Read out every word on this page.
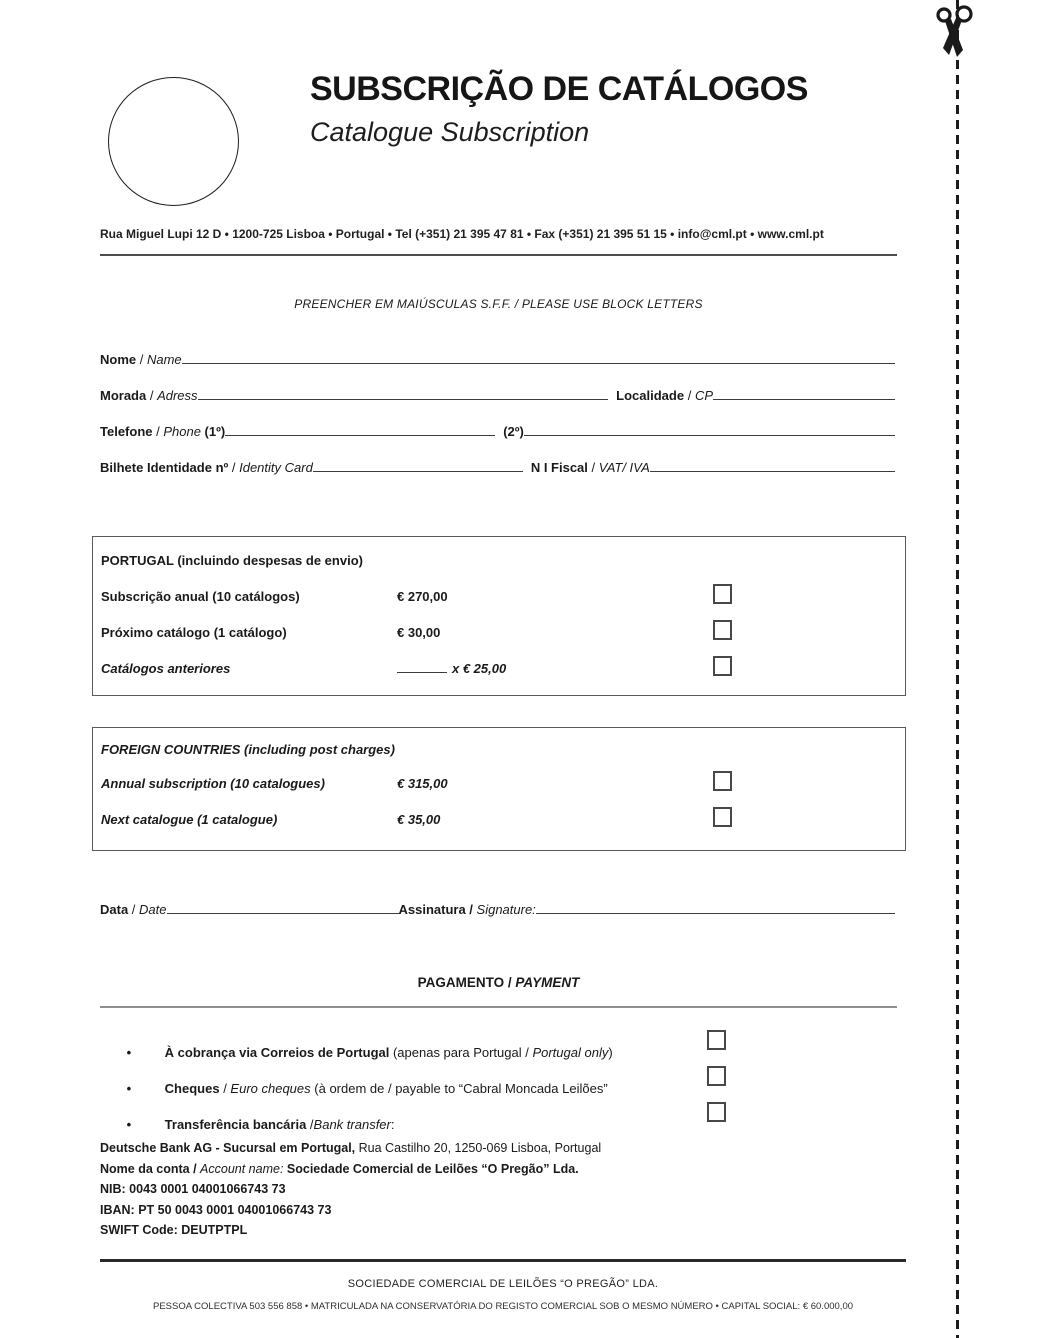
SUBSCRIÇÃO DE CATÁLOGOS
Catalogue Subscription
Rua Miguel Lupi 12 D • 1200-725 Lisboa • Portugal • Tel (+351) 21 395 47 81 • Fax (+351) 21 395 51 15 • info@cml.pt • www.cml.pt
PREENCHER EM MAIÚSCULAS S.F.F. / PLEASE USE BLOCK LETTERS
Nome / Name
Morada / Adress	Localidade / CP
Telefone / Phone (1º)	(2º)
Bilhete Identidade nº / Identity Card	N I Fiscal / VAT/ IVA
PORTUGAL (incluindo despesas de envio)
Subscrição anual (10 catálogos)	€ 270,00
Próximo catálogo (1 catálogo)	€ 30,00
Catálogos anteriores	x € 25,00
FOREIGN COUNTRIES (including post charges)
Annual subscription (10 catalogues)	€ 315,00
Next catalogue (1 catalogue)	€ 35,00
Data / Date	Assinatura / Signature:
PAGAMENTO / PAYMENT

•	À cobrança via Correios de Portugal (apenas para Portugal / Portugal only)

•	Cheques / Euro cheques (à ordem de / payable to “Cabral Moncada Leilões”

•	Transferência bancária /Bank transfer:

Deutsche Bank AG - Sucursal em Portugal, Rua Castilho 20, 1250-069 Lisboa, Portugal
Nome da conta / Account name: Sociedade Comercial de Leilões “O Pregão” Lda.
NIB: 0043 0001 04001066743 73
IBAN: PT 50 0043 0001 04001066743 73
SWIFT Code: DEUTPTPL
SOCIEDADE COMERCIAL DE LEILÕES “O PREGÃO” LDA.
PESSOA COLECTIVA 503 556 858 • MATRICULADA NA CONSERVATÓRIA DO REGISTO COMERCIAL SOB O MESMO NÚMERO • CAPITAL SOCIAL: € 60.000,00
